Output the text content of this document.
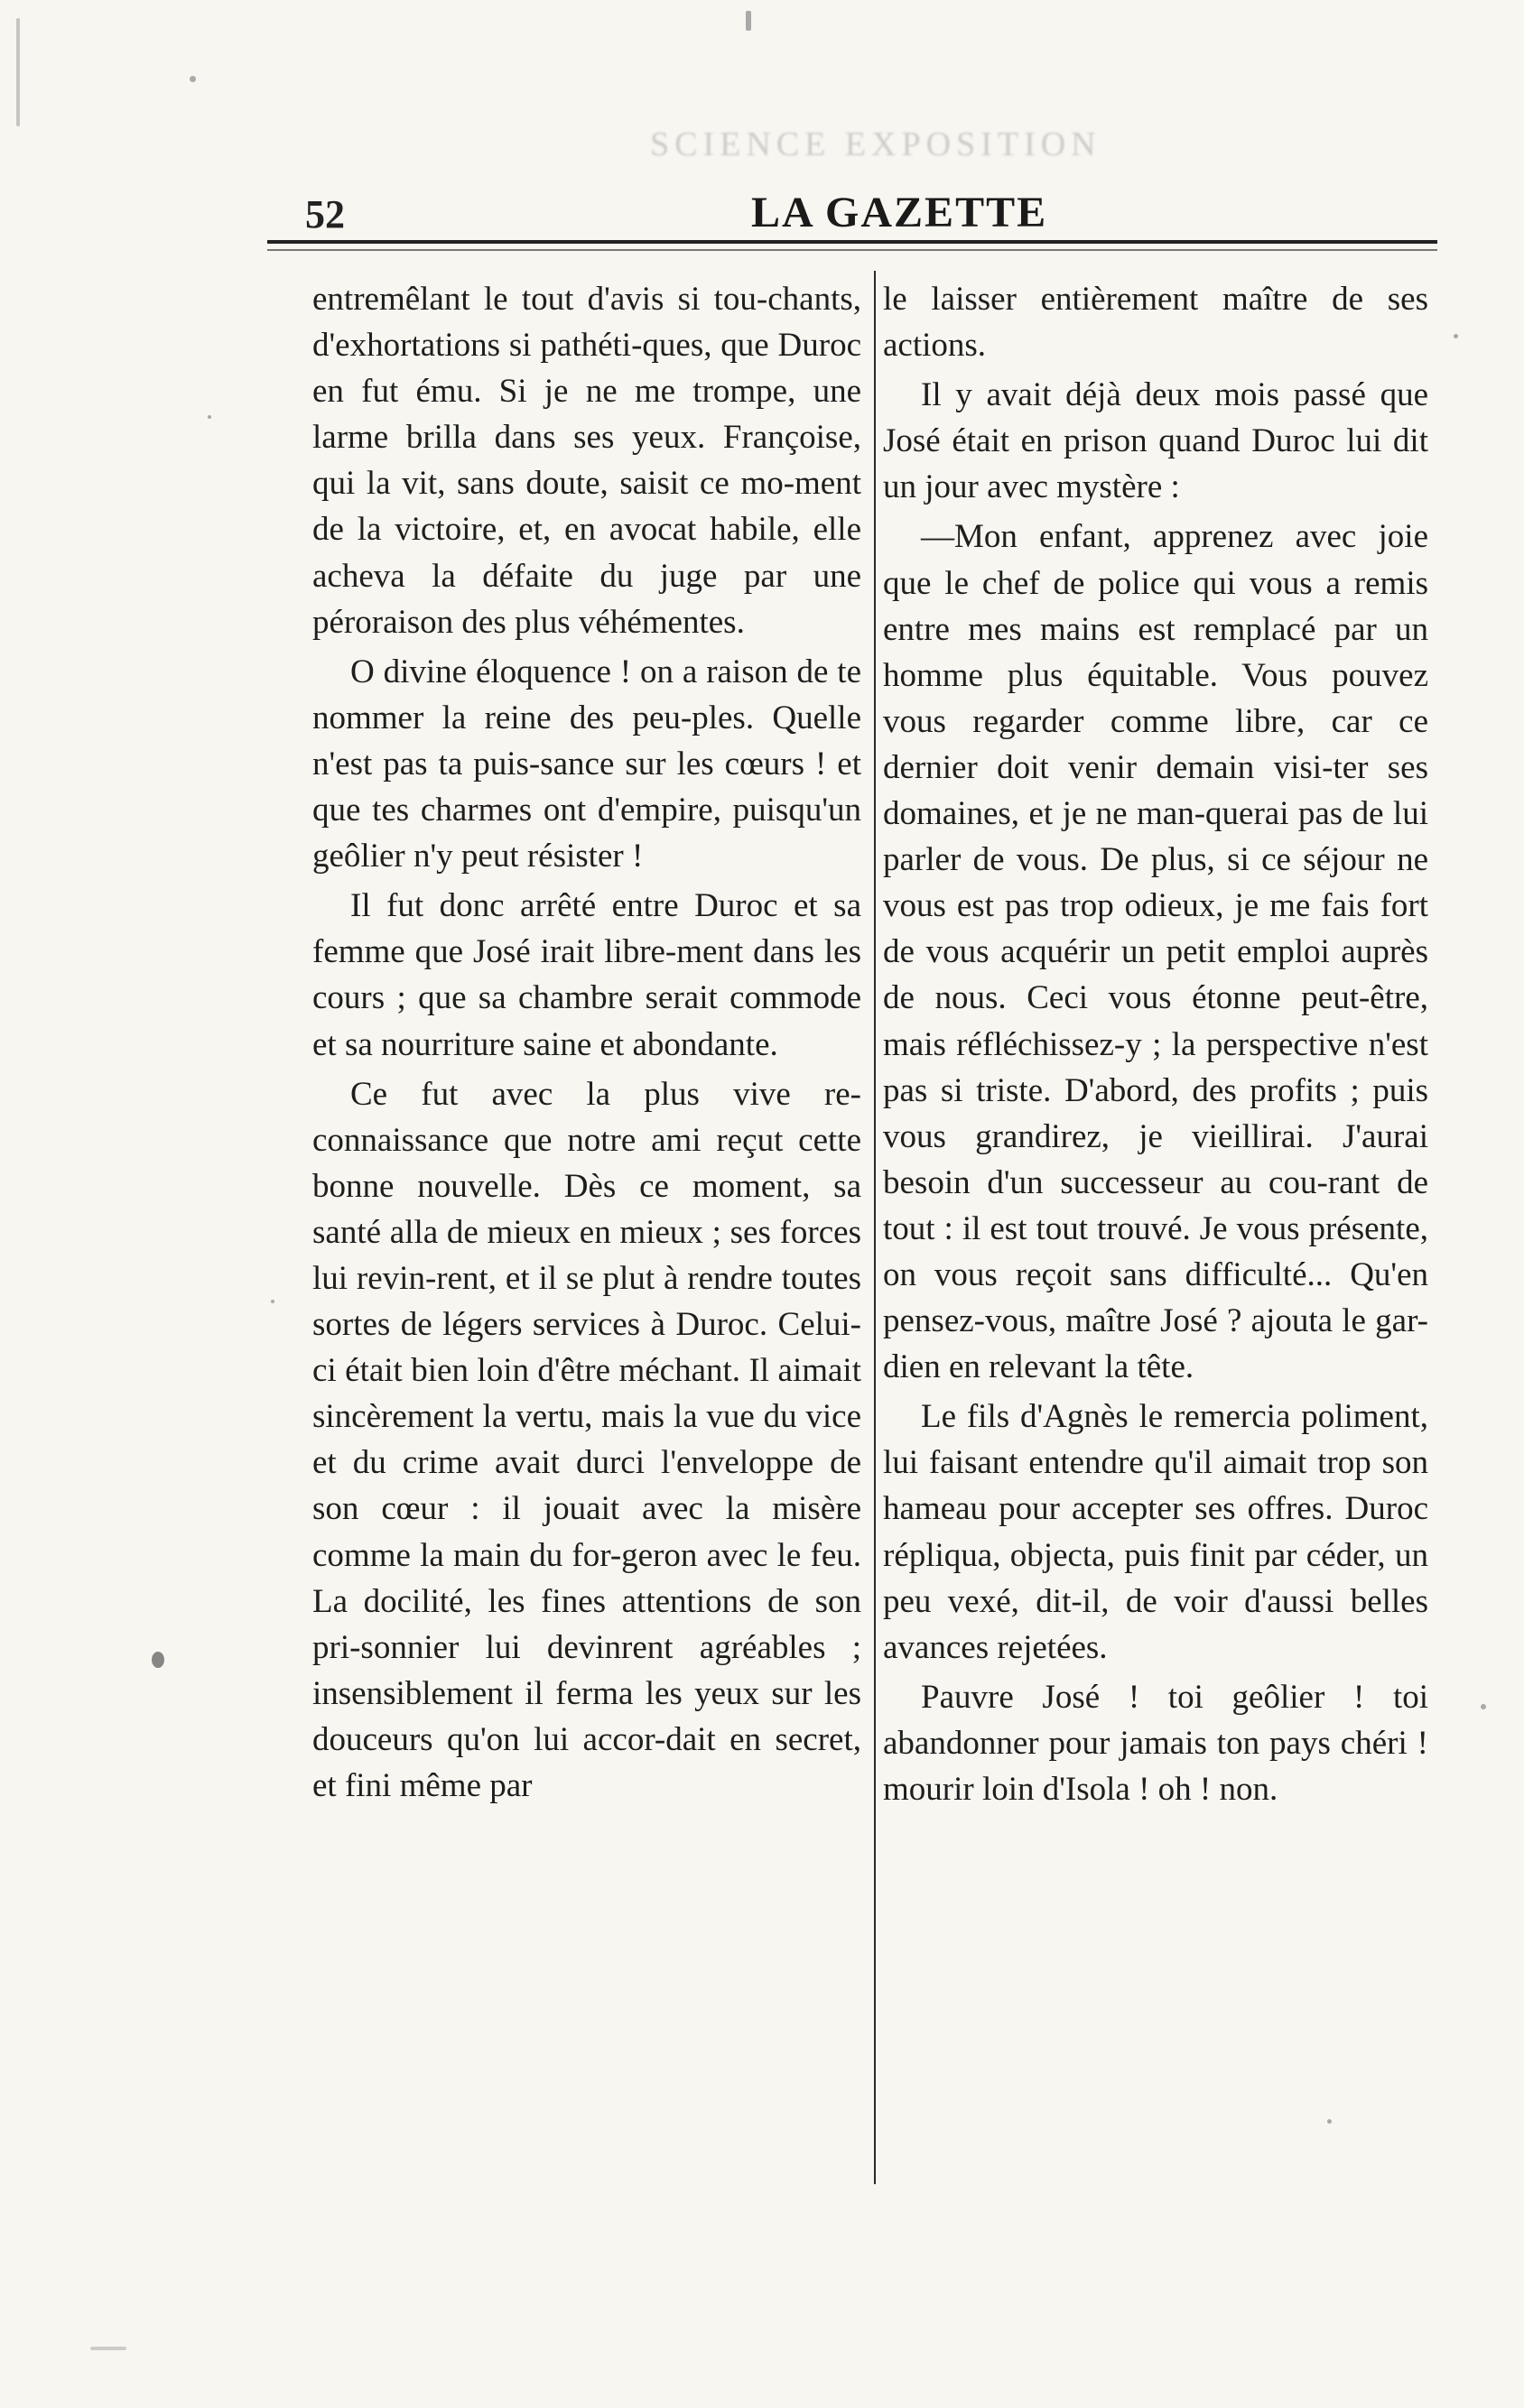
SCIENCE EXPOSITION
52	LA GAZETTE

entremêlant le tout d'avis si tou-chants, d'exhortations si pathéti-ques, que Duroc en fut ému. Si je ne me trompe, une larme brilla dans ses yeux. Françoise, qui la vit, sans doute, saisit ce mo-ment de la victoire, et, en avocat habile, elle acheva la défaite du juge par une péroraison des plus véhémentes.

O divine éloquence ! on a raison de te nommer la reine des peu-ples. Quelle n'est pas ta puis-sance sur les cœurs ! et que tes charmes ont d'empire, puisqu'un geôlier n'y peut résister !

Il fut donc arrêté entre Duroc et sa femme que José irait libre-ment dans les cours ; que sa chambre serait commode et sa nourriture saine et abondante.

Ce fut avec la plus vive re-connaissance que notre ami reçut cette bonne nouvelle. Dès ce moment, sa santé alla de mieux en mieux ; ses forces lui revin-rent, et il se plut à rendre toutes sortes de légers services à Duroc. Celui-ci était bien loin d'être méchant. Il aimait sincèrement la vertu, mais la vue du vice et du crime avait durci l'enveloppe de son cœur : il jouait avec la misère comme la main du for-geron avec le feu. La docilité, les fines attentions de son pri-sonnier lui devinrent agréables ; insensiblement il ferma les yeux sur les douceurs qu'on lui accor-dait en secret, et fini même par

le laisser entièrement maître de ses actions.

Il y avait déjà deux mois passé que José était en prison quand Duroc lui dit un jour avec mystère :

—Mon enfant, apprenez avec joie que le chef de police qui vous a remis entre mes mains est remplacé par un homme plus équitable. Vous pouvez vous regarder comme libre, car ce dernier doit venir demain visi-ter ses domaines, et je ne man-querai pas de lui parler de vous. De plus, si ce séjour ne vous est pas trop odieux, je me fais fort de vous acquérir un petit emploi auprès de nous. Ceci vous étonne peut-être, mais réfléchissez-y ; la perspective n'est pas si triste. D'abord, des profits ; puis vous grandirez, je vieillirai. J'aurai besoin d'un successeur au cou-rant de tout : il est tout trouvé. Je vous présente, on vous reçoit sans difficulté... Qu'en pensez-vous, maître José ? ajouta le gar-dien en relevant la tête.

Le fils d'Agnès le remercia poliment, lui faisant entendre qu'il aimait trop son hameau pour accepter ses offres. Duroc répliqua, objecta, puis finit par céder, un peu vexé, dit-il, de voir d'aussi belles avances rejetées.

Pauvre José ! toi geôlier ! toi abandonner pour jamais ton pays chéri ! mourir loin d'Isola ! oh ! non.
